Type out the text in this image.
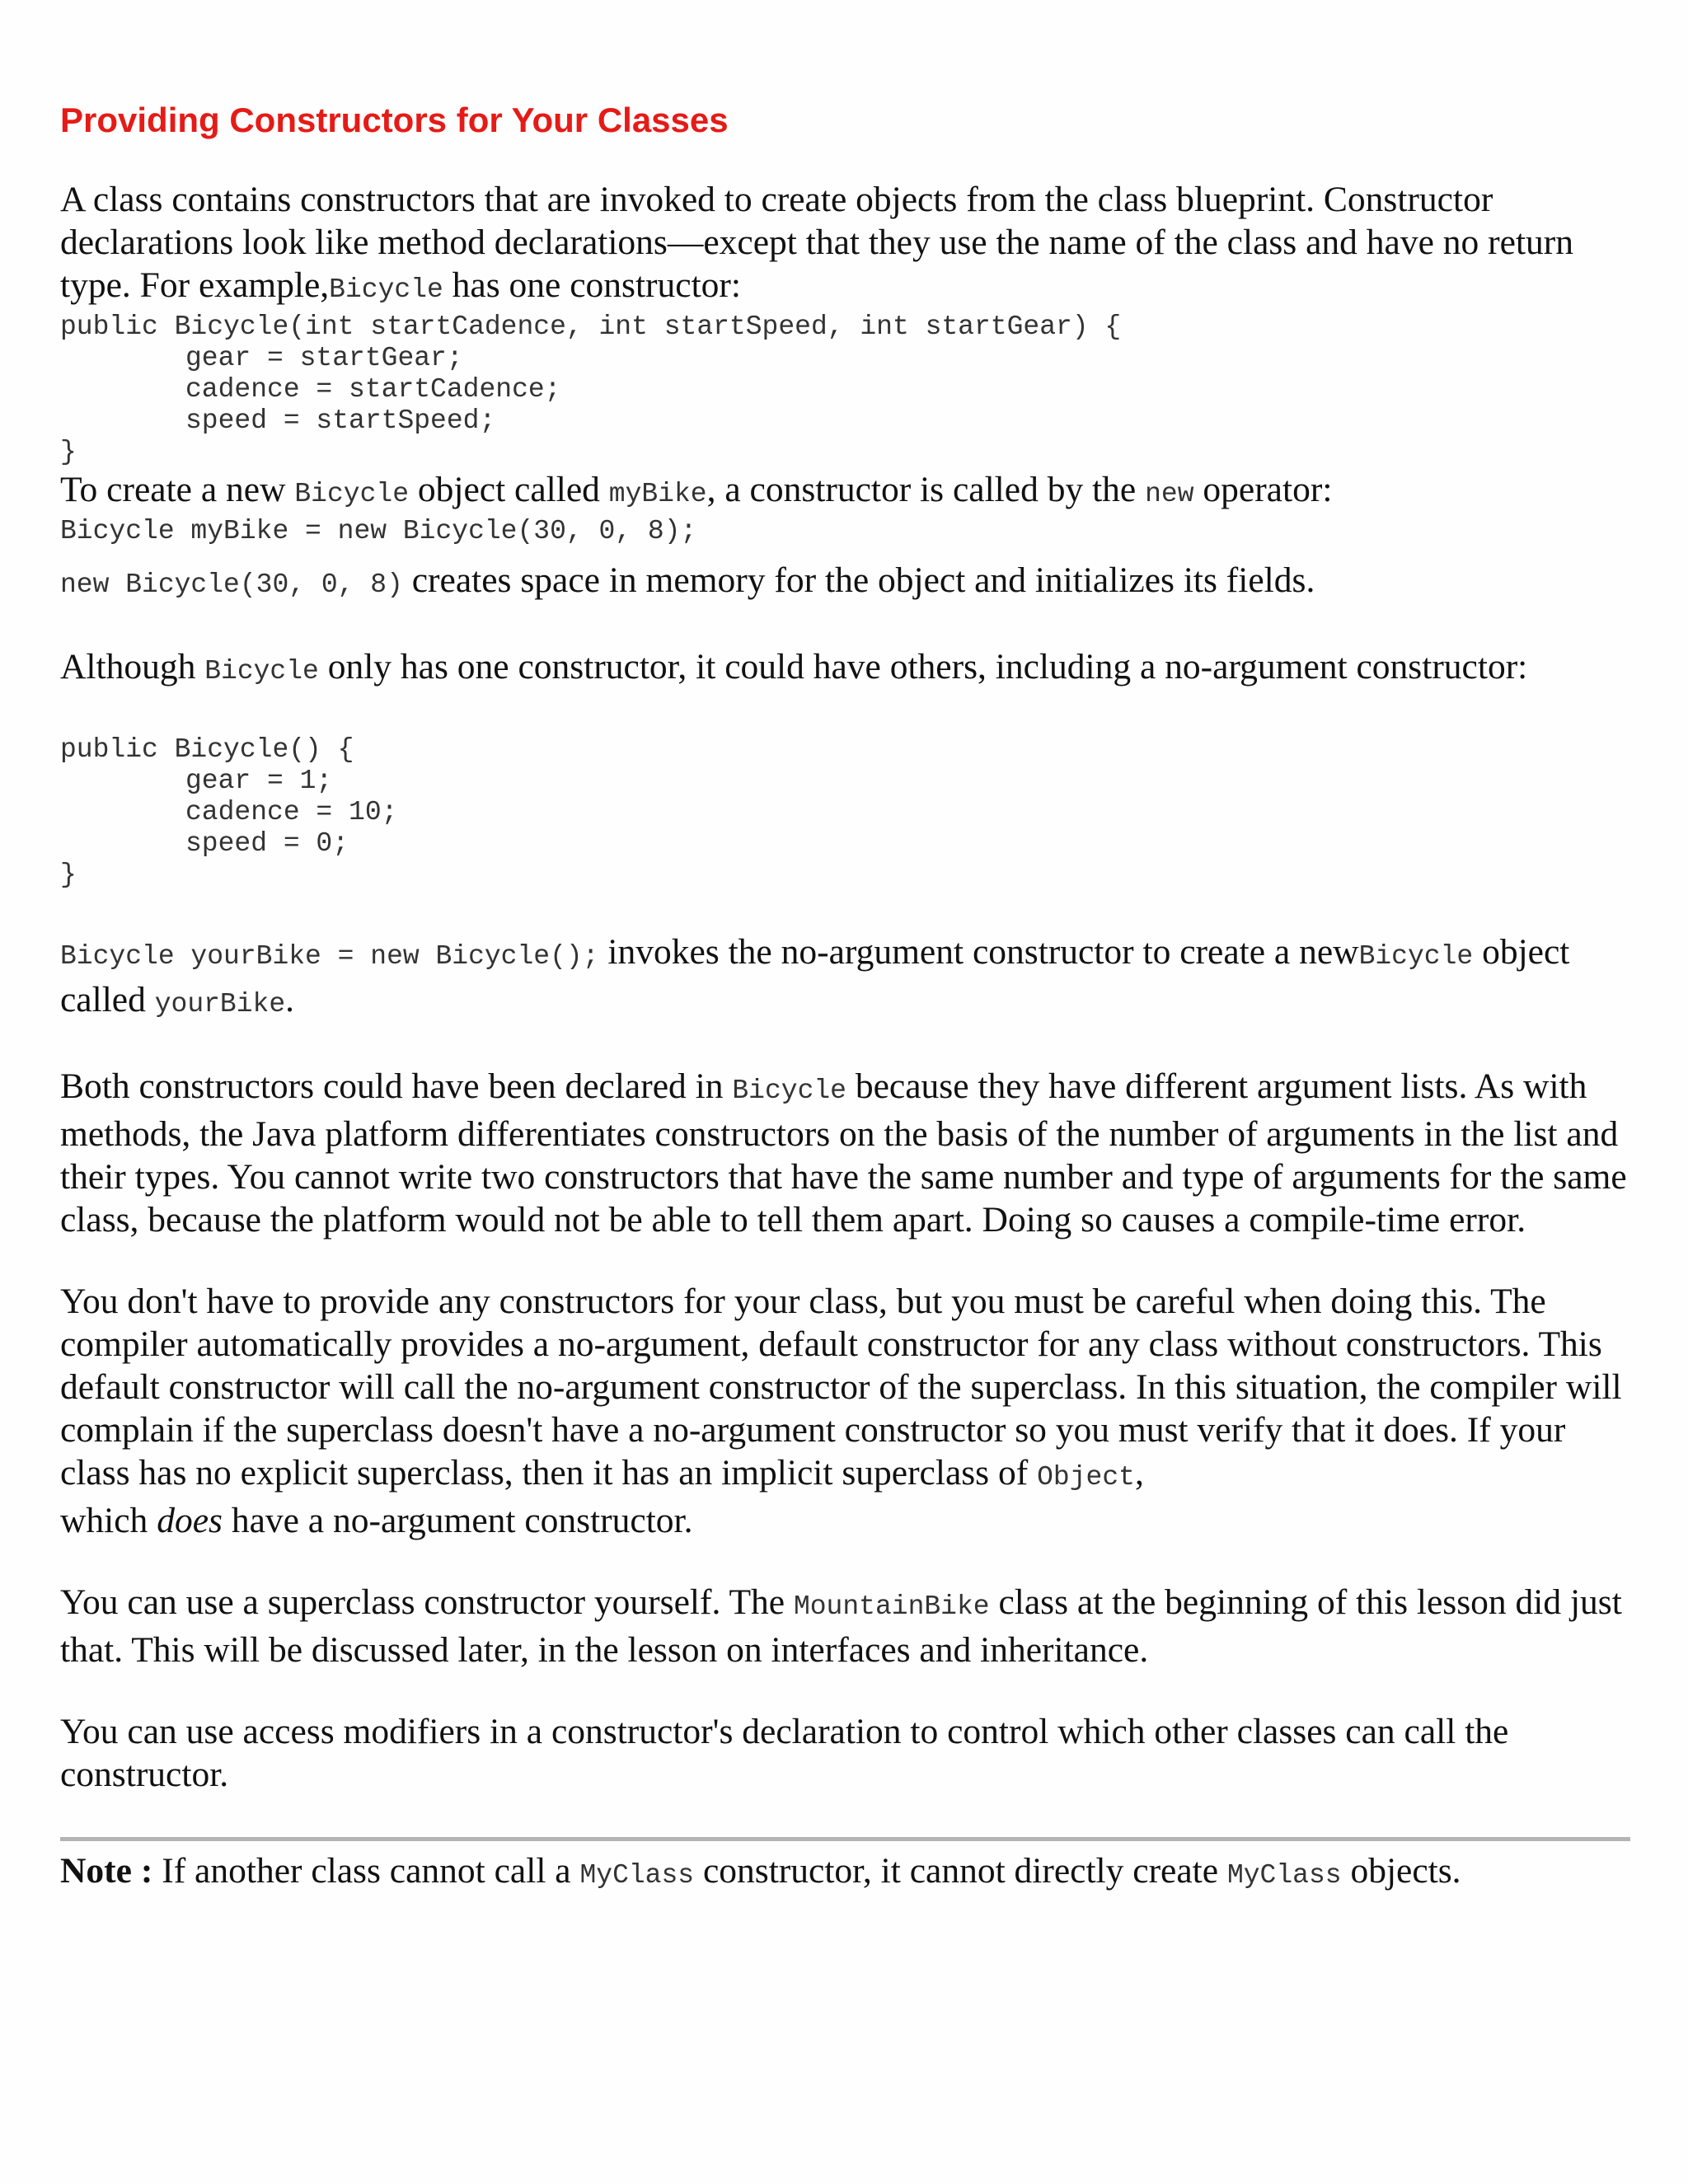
Providing Constructors for Your Classes

A class contains constructors that are invoked to create objects from the class blueprint. Constructor declarations look like method declarations—except that they use the name of the class and have no return type. For example,Bicycle has one constructor:

public Bicycle(int startCadence, int startSpeed, int startGear) {
gear = startGear;
cadence = startCadence;
speed = startSpeed;
}

To create a new Bicycle object called myBike, a constructor is called by the new operator:

Bicycle myBike = new Bicycle(30, 0, 8);

new Bicycle(30, 0, 8) creates space in memory for the object and initializes its fields.

Although Bicycle only has one constructor, it could have others, including a no-argument constructor:

public Bicycle() {
gear = 1;
cadence = 10;
speed = 0;
}

Bicycle yourBike = new Bicycle(); invokes the no-argument constructor to create a newBicycle object called yourBike.

Both constructors could have been declared in Bicycle because they have different argument lists. As with methods, the Java platform differentiates constructors on the basis of the number of arguments in the list and their types. You cannot write two constructors that have the same number and type of arguments for the same class, because the platform would not be able to tell them apart. Doing so causes a compile-time error.

You don't have to provide any constructors for your class, but you must be careful when doing this. The compiler automatically provides a no-argument, default constructor for any class without constructors. This default constructor will call the no-argument constructor of the superclass. In this situation, the compiler will complain if the superclass doesn't have a no-argument constructor so you must verify that it does. If your class has no explicit superclass, then it has an implicit superclass of Object,
which does have a no-argument constructor.

You can use a superclass constructor yourself. The MountainBike class at the beginning of this lesson did just that. This will be discussed later, in the lesson on interfaces and inheritance.

You can use access modifiers in a constructor's declaration to control which other classes can call the constructor.

Note : If another class cannot call a MyClass constructor, it cannot directly create MyClass objects.
